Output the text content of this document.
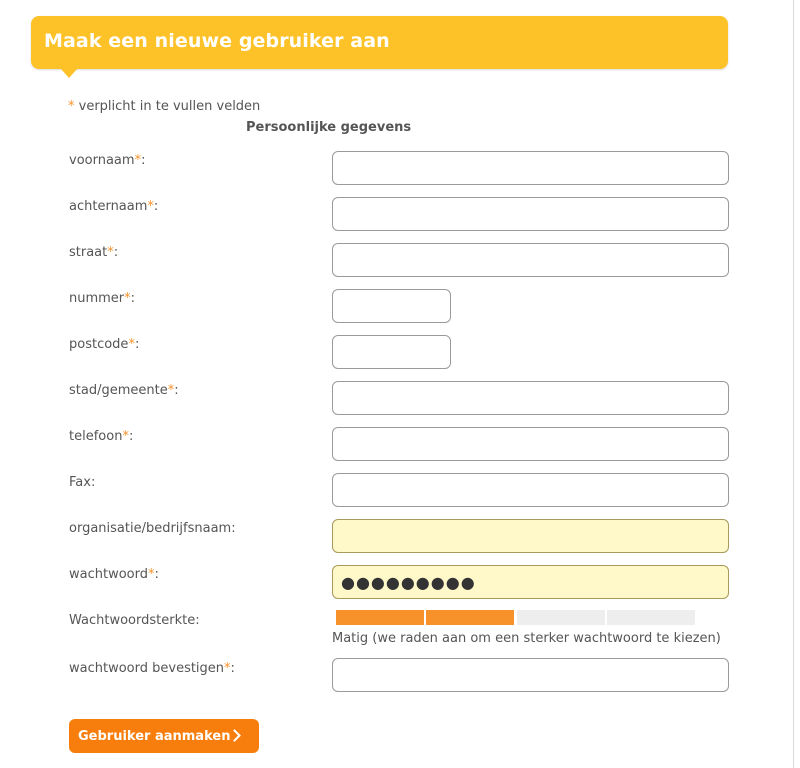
Maak een nieuwe gebruiker aan
* verplicht in te vullen velden
Persoonlijke gegevens
voornaam*:
achternaam*:
straat*:
nummer*:
postcode*:
stad/gemeente*:
telefoon*:
Fax:
organisatie/bedrijfsnaam:
wachtwoord*:
●●●●●●●●●
Wachtwoordsterkte:
Matig (we raden aan om een sterker wachtwoord te kiezen)
wachtwoord bevestigen*:
Gebruiker aanmaken
